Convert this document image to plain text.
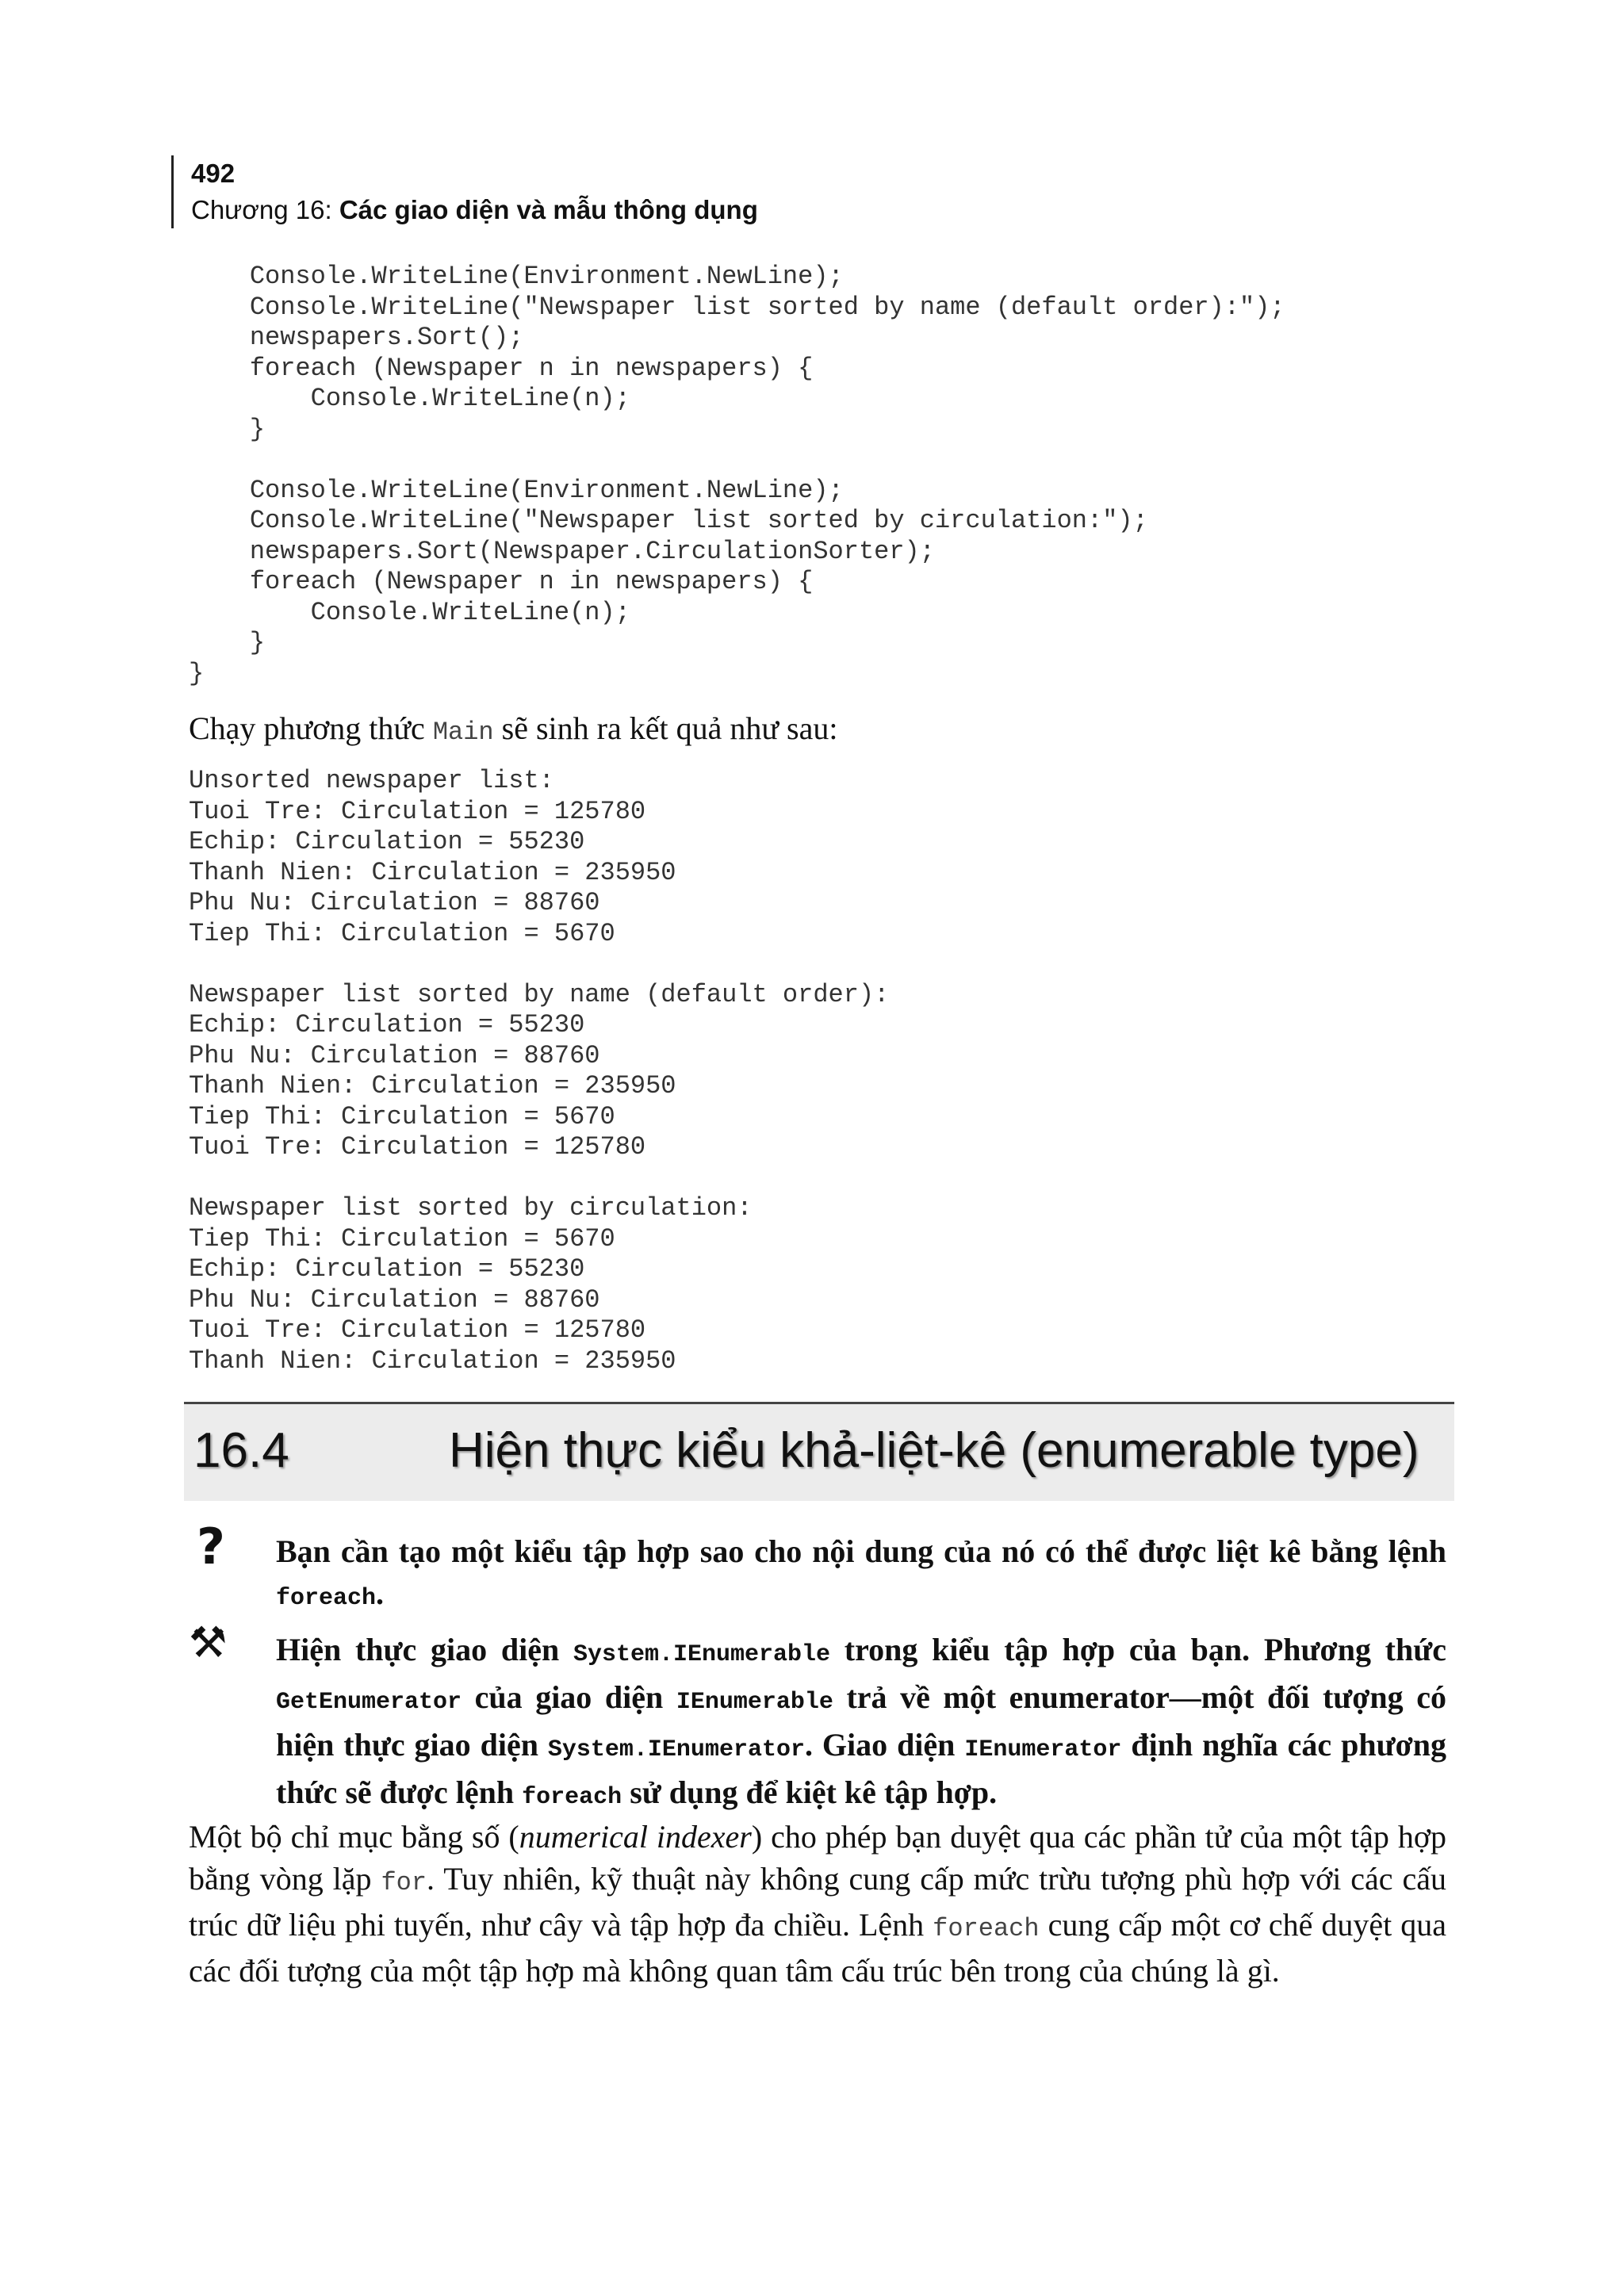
492
Chương 16: Các giao diện và mẫu thông dụng
Console.WriteLine(Environment.NewLine);
Console.WriteLine("Newspaper list sorted by name (default order):");
newspapers.Sort();
foreach (Newspaper n in newspapers) {
Console.WriteLine(n);
}

Console.WriteLine(Environment.NewLine);
Console.WriteLine("Newspaper list sorted by circulation:");
newspapers.Sort(Newspaper.CirculationSorter);
foreach (Newspaper n in newspapers) {
Console.WriteLine(n);
}
}
Chạy phương thức Main sẽ sinh ra kết quả như sau:
Unsorted newspaper list:
Tuoi Tre: Circulation = 125780
Echip: Circulation = 55230
Thanh Nien: Circulation = 235950
Phu Nu: Circulation = 88760
Tiep Thi: Circulation = 5670

Newspaper list sorted by name (default order):
Echip: Circulation = 55230
Phu Nu: Circulation = 88760
Thanh Nien: Circulation = 235950
Tiep Thi: Circulation = 5670
Tuoi Tre: Circulation = 125780

Newspaper list sorted by circulation:
Tiep Thi: Circulation = 5670
Echip: Circulation = 55230
Phu Nu: Circulation = 88760
Tuoi Tre: Circulation = 125780
Thanh Nien: Circulation = 235950
16.4	Hiện thực kiểu khả-liệt-kê (enumerable type)
? Bạn cần tạo một kiểu tập hợp sao cho nội dung của nó có thể được liệt kê bằng lệnh foreach.
⚒ Hiện thực giao diện System.IEnumerable trong kiểu tập hợp của bạn. Phương thức GetEnumerator của giao diện IEnumerable trả về một enumerator—một đối tượng có hiện thực giao diện System.IEnumerator. Giao diện IEnumerator định nghĩa các phương thức sẽ được lệnh foreach sử dụng để kiệt kê tập hợp.
Một bộ chỉ mục bằng số (numerical indexer) cho phép bạn duyệt qua các phần tử của một tập hợp bằng vòng lặp for. Tuy nhiên, kỹ thuật này không cung cấp mức trừu tượng phù hợp với các cấu trúc dữ liệu phi tuyến, như cây và tập hợp đa chiều. Lệnh foreach cung cấp một cơ chế duyệt qua các đối tượng của một tập hợp mà không quan tâm cấu trúc bên trong của chúng là gì.
